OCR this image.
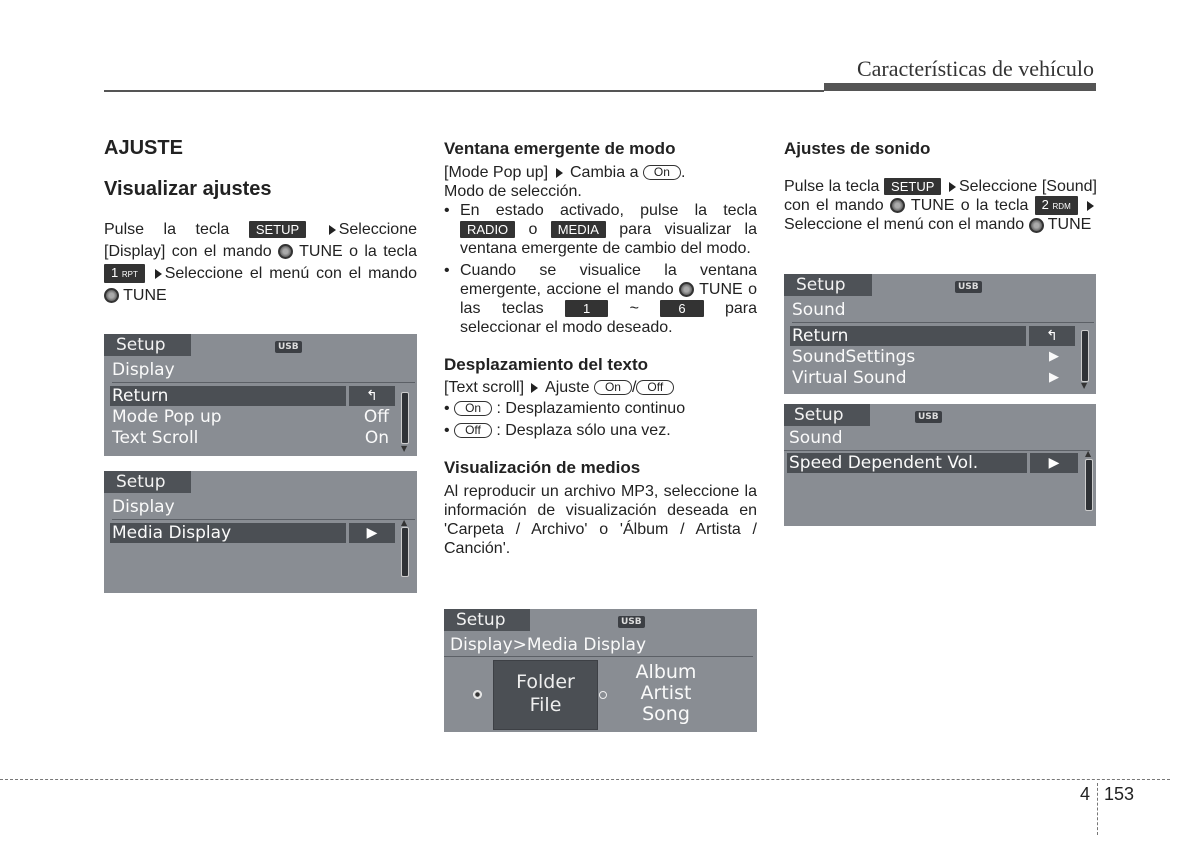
Características de vehículo
AJUSTE
Visualizar ajustes
Pulse la tecla SETUP Seleccione [Display] con el mando TUNE o la tecla 1 RPT Seleccione el menú con el mando  TUNE
Setup	USB
Display
↰
Return
Mode Pop up	Off
Text Scroll	On
▼
Setup
Display
Media Display	▶
▲
Ventana emergente de modo
[Mode Pop up] Cambia a On .
Modo de selección.
• En estado activado, pulse la tecla RADIO o MEDIA para visualizar la ventana emergente de cambio del modo.
• Cuando se visualice la ventana emergente, accione el mando TUNE o las teclas	1 ~	6 para seleccionar el modo deseado.
Desplazamiento del texto
[Text scroll] Ajuste On / Off
• On : Desplazamiento continuo
• Off : Desplaza sólo una vez.
Visualización de medios
Al reproducir un archivo MP3, seleccione la información de visualización deseada en 'Carpeta / Archivo' o 'Álbum / Artista / Canción'.
Setup	USB
Display>Media Display
Folder
File
Album
Artist
Song
Ajustes de sonido
Pulse la tecla SETUP Seleccione [Sound] con el mando TUNE o la tecla 2 RDM  Seleccione el menú con el mando TUNE
Setup	USB
Sound
Return	↰
SoundSettings	▶
Virtual Sound	▶
▼
Setup	USB
Sound
Speed Dependent Vol.	▶
▲
4 153
